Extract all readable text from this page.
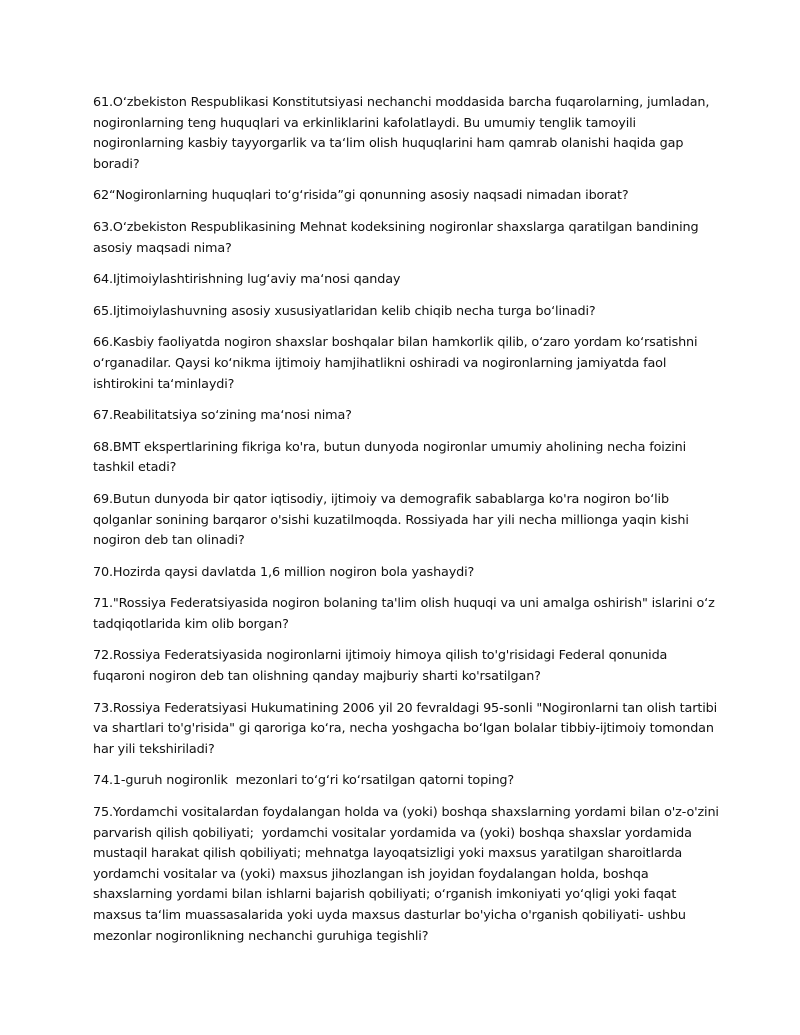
61.O‘zbekiston Respublikasi Konstitutsiyasi nechanchi moddasida barcha fuqarolarning, jumladan, nogironlarning teng huquqlari va erkinliklarini kafolatlaydi. Bu umumiy tenglik tamoyili nogironlarning kasbiy tayyorgarlik va ta‘lim olish huquqlarini ham qamrab olanishi haqida gap boradi?

62“Nogironlarning huquqlari to‘g‘risida”gi qonunning asosiy naqsadi nimadan iborat?

63.O‘zbekiston Respublikasining Mehnat kodeksining nogironlar shaxslarga qaratilgan bandining asosiy maqsadi nima?

64.Ijtimoiylashtirishning lug‘aviy ma‘nosi qanday

65.Ijtimoiylashuvning asosiy xususiyatlaridan kelib chiqib necha turga bo‘linadi?

66.Kasbiy faoliyatda nogiron shaxslar boshqalar bilan hamkorlik qilib, o‘zaro yordam ko‘rsatishni o‘rganadilar. Qaysi ko‘nikma ijtimoiy hamjihatlikni oshiradi va nogironlarning jamiyatda faol ishtirokini ta‘minlaydi?

67.Reabilitatsiya so‘zining ma‘nosi nima?

68.BMT ekspertlarining fikriga ko'ra, butun dunyoda nogironlar umumiy aholining necha foizini tashkil etadi?

69.Butun dunyoda bir qator iqtisodiy, ijtimoiy va demografik sabablarga ko'ra nogiron bo‘lib qolganlar sonining barqaror o'sishi kuzatilmoqda. Rossiyada har yili necha millionga yaqin kishi nogiron deb tan olinadi?

70.Hozirda qaysi davlatda 1,6 million nogiron bola yashaydi?

71."Rossiya Federatsiyasida nogiron bolaning ta'lim olish huquqi va uni amalga oshirish" islarini o‘z tadqiqotlarida kim olib borgan?

72.Rossiya Federatsiyasida nogironlarni ijtimoiy himoya qilish to'g'risidagi Federal qonunida fuqaroni nogiron deb tan olishning qanday majburiy sharti ko'rsatilgan?

73.Rossiya Federatsiyasi Hukumatining 2006 yil 20 fevraldagi 95-sonli "Nogironlarni tan olish tartibi va shartlari to'g'risida" gi qaroriga ko‘ra, necha yoshgacha bo‘lgan bolalar tibbiy-ijtimoiy tomondan har yili tekshiriladi?

74.1-guruh nogironlik  mezonlari to‘g‘ri ko‘rsatilgan qatorni toping?

75.Yordamchi vositalardan foydalangan holda va (yoki) boshqa shaxslarning yordami bilan o'z-o'zini parvarish qilish qobiliyati;  yordamchi vositalar yordamida va (yoki) boshqa shaxslar yordamida mustaqil harakat qilish qobiliyati; mehnatga layoqatsizligi yoki maxsus yaratilgan sharoitlarda yordamchi vositalar va (yoki) maxsus jihozlangan ish joyidan foydalangan holda, boshqa shaxslarning yordami bilan ishlarni bajarish qobiliyati; o‘rganish imkoniyati yo‘qligi yoki faqat maxsus ta‘lim muassasalarida yoki uyda maxsus dasturlar bo'yicha o'rganish qobiliyati- ushbu mezonlar nogironlikning nechanchi guruhiga tegishli?
